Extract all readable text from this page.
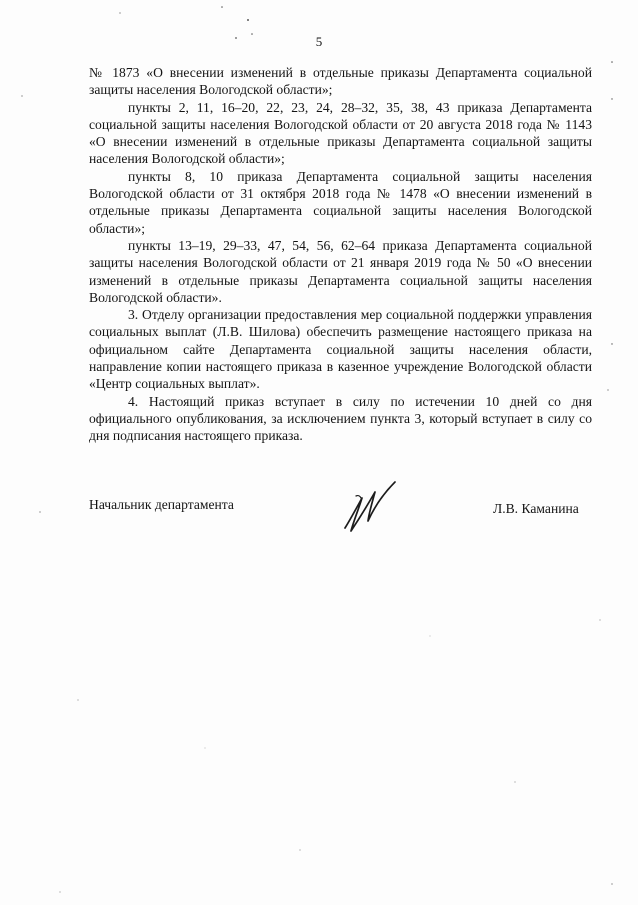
5

№ 1873 «О внесении изменений в отдельные приказы Департамента социальной защиты населения Вологодской области»;

пункты 2, 11, 16–20, 22, 23, 24, 28–32, 35, 38, 43 приказа Департамента социальной защиты населения Вологодской области от 20 августа 2018 года № 1143 «О внесении изменений в отдельные приказы Департамента социальной защиты населения Вологодской области»;

пункты 8, 10 приказа Департамента социальной защиты населения Вологодской области от 31 октября 2018 года № 1478 «О внесении изменений в отдельные приказы Департамента социальной защиты населения Вологодской области»;

пункты 13–19, 29–33, 47, 54, 56, 62–64 приказа Департамента социальной защиты населения Вологодской области от 21 января 2019 года № 50 «О внесении изменений в отдельные приказы Департамента социальной защиты населения Вологодской области».

3. Отделу организации предоставления мер социальной поддержки управления социальных выплат (Л.В. Шилова) обеспечить размещение настоящего приказа на официальном сайте Департамента социальной защиты населения области, направление копии настоящего приказа в казенное учреждение Вологодской области «Центр социальных выплат».

4. Настоящий приказ вступает в силу по истечении 10 дней со дня официального опубликования, за исключением пункта 3, который вступает в силу со дня подписания настоящего приказа.

Начальник департамента	Л.В. Каманина
